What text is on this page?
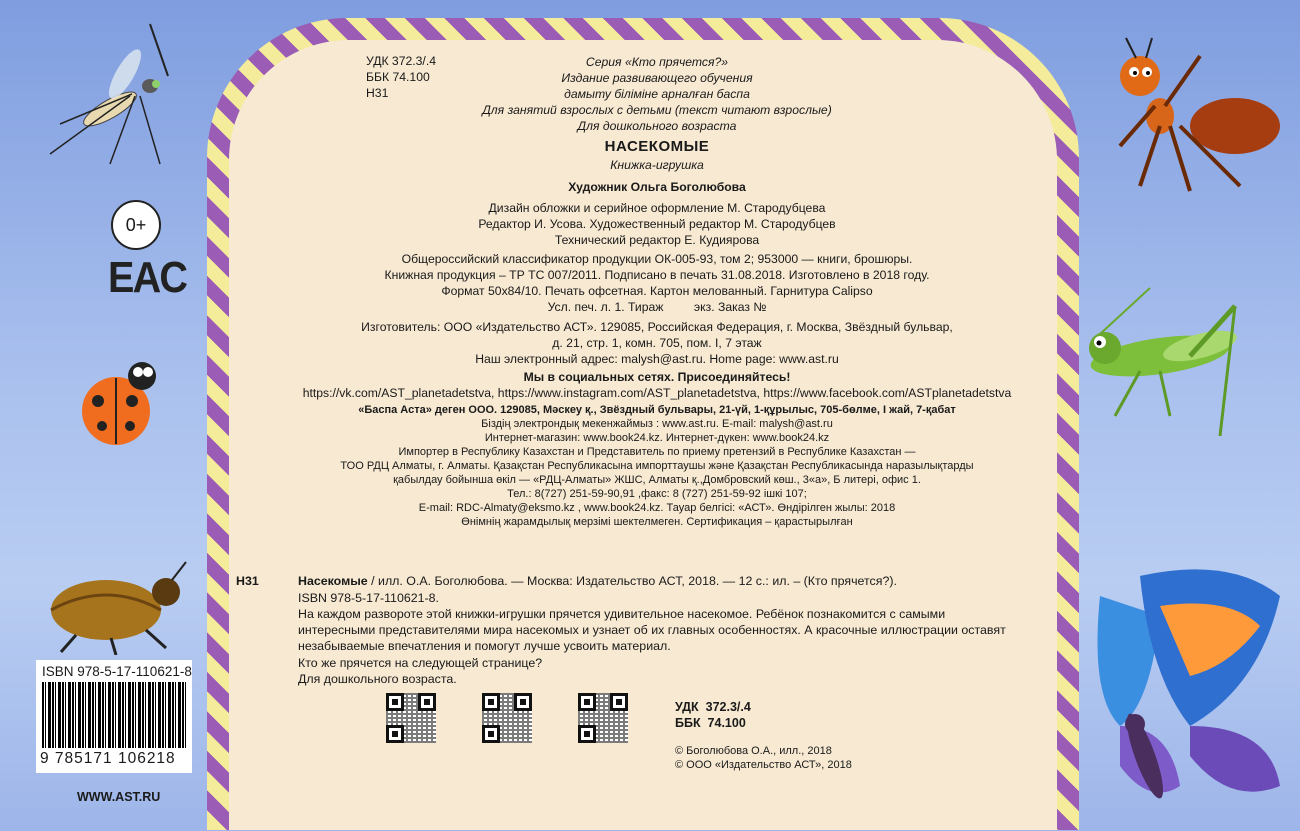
0+
EAC
УДК 372.3/.4
ББК 74.100
Н31
Серия «Кто прячется?»
Издание развивающего обучения
дамыту біліміне арналған баспа
Для занятий взрослых с детьми (текст читают взрослые)
Для дошкольного возраста
НАСЕКОМЫЕ
Книжка-игрушка
Художник Ольга Боголюбова
Дизайн обложки и серийное оформление М. Стародубцева
Редактор И. Усова. Художественный редактор М. Стародубцев
Технический редактор Е. Кудиярова
Общероссийский классификатор продукции ОК-005-93, том 2; 953000 — книги, брошюры.
Книжная продукция – ТР ТС 007/2011. Подписано в печать 31.08.2018. Изготовлено в 2018 году.
Формат 50х84/10. Печать офсетная. Картон мелованный. Гарнитура Calipso
Усл. печ. л. 1. Тираж         экз. Заказ №
Изготовитель: ООО «Издательство АСТ». 129085, Российская Федерация, г. Москва, Звёздный бульвар,
д. 21, стр. 1, комн. 705, пом. I, 7 этаж
Наш электронный адрес: malysh@ast.ru. Home page: www.ast.ru
Мы в социальных сетях. Присоединяйтесь!
https://vk.com/AST_planetadetstva, https://www.instagram.com/AST_planetadetstva, https://www.facebook.com/ASTplanetadetstva
«Баспа Аста» деген ООО. 129085, Мәскеу қ., Звёздный бульвары, 21-үй, 1-құрылыс, 705-бөлме, I жай, 7-қабат
Біздің электрондық мекенжаймыз : www.ast.ru. E-mail: malysh@ast.ru
Интернет-магазин: www.book24.kz. Интернет-дүкен: www.book24.kz
Импортер в Республику Казахстан и Представитель по приему претензий в Республике Казахстан —
ТОО РДЦ Алматы, г. Алматы. Қазақстан Республикасына импорттаушы және Қазақстан Республикасында наразылықтарды
қабылдау бойынша өкіл — «РДЦ-Алматы» ЖШС, Алматы қ.,Домбровский көш., 3«а», Б литері, офис 1.
Тел.: 8(727) 251-59-90,91 ,факс: 8 (727) 251-59-92 ішкі 107;
E-mail: RDC-Almaty@eksmo.kz , www.book24.kz. Тауар белгісі: «АСТ». Өндірілген жылы: 2018
Өнімнің жарамдылық мерзімі шектелмеген. Сертификация – қарастырылған
Н31	Насекомые / илл. О.А. Боголюбова. — Москва: Издательство АСТ, 2018. — 12 с.: ил. – (Кто прячется?).
ISBN 978-5-17-110621-8.
На каждом развороте этой книжки-игрушки прячется удивительное насекомое. Ребёнок познакомится с самыми
интересными представителями мира насекомых и узнает об их главных особенностях. А красочные иллюстрации оставят
незабываемые впечатления и помогут лучше усвоить материал.
Кто же прячется на следующей странице?
Для дошкольного возраста.
УДК  372.3/.4
ББК  74.100
© Боголюбова О.А., илл., 2018
© ООО «Издательство АСТ», 2018
ISBN 978-5-17-110621-8
9 785171 106218
WWW.AST.RU
